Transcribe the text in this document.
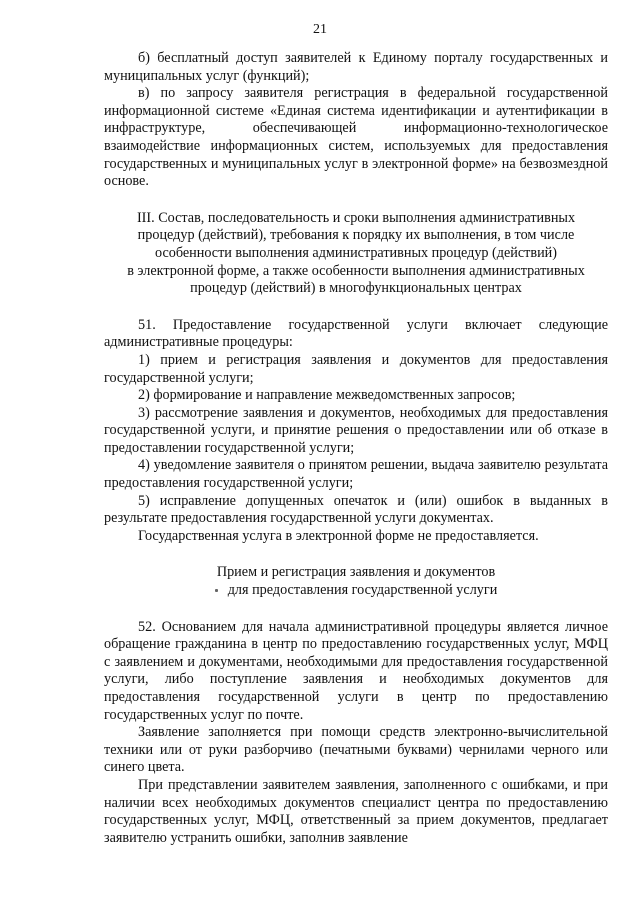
21

б) бесплатный доступ заявителей к Единому порталу государственных и муниципальных услуг (функций);

в) по запросу заявителя регистрация в федеральной государственной информационной системе «Единая система идентификации и аутентификации в инфраструктуре, обеспечивающей информационно-технологическое взаимодействие информационных систем, используемых для предоставления государственных и муниципальных услуг в электронной форме» на безвозмездной основе.

III. Состав, последовательность и сроки выполнения административных
процедур (действий), требования к порядку их выполнения, в том числе
особенности выполнения административных процедур (действий)
в электронной форме, а также особенности выполнения административных
процедур (действий) в многофункциональных центрах

51. Предоставление государственной услуги включает следующие административные процедуры:

1) прием и регистрация заявления и документов для предоставления государственной услуги;

2) формирование и направление межведомственных запросов;

3) рассмотрение заявления и документов, необходимых для предоставления государственной услуги, и принятие решения о предоставлении или об отказе в предоставлении государственной услуги;

4) уведомление заявителя о принятом решении, выдача заявителю результата предоставления государственной услуги;

5) исправление допущенных опечаток и (или) ошибок в выданных в результате предоставления государственной услуги документах.

Государственная услуга в электронной форме не предоставляется.

Прием и регистрация заявления и документов
для предоставления государственной услуги

52. Основанием для начала административной процедуры является личное обращение гражданина в центр по предоставлению государственных услуг, МФЦ с заявлением и документами, необходимыми для предоставления государственной услуги, либо поступление заявления и необходимых документов для предоставления государственной услуги в центр по предоставлению государственных услуг по почте.

Заявление заполняется при помощи средств электронно-вычислительной техники или от руки разборчиво (печатными буквами) чернилами черного или синего цвета.

При представлении заявителем заявления, заполненного с ошибками, и при наличии всех необходимых документов специалист центра по предоставлению государственных услуг, МФЦ, ответственный за прием документов, предлагает заявителю устранить ошибки, заполнив заявление
